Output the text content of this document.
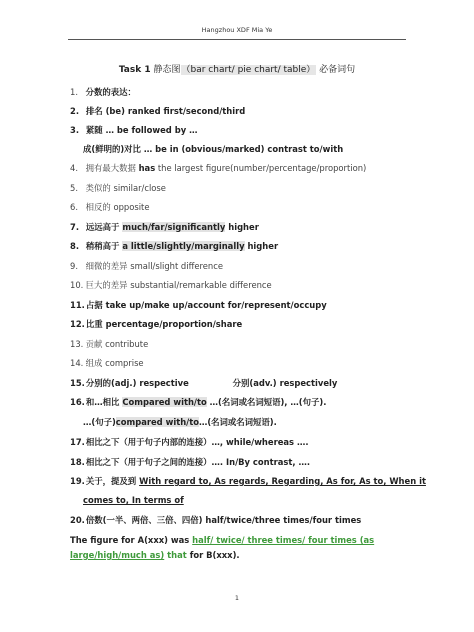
Hangzhou XDF Mia Ye
Task 1 静态图（bar chart/ pie chart/ table） 必备词句
1. 分数的表达：
2. 排名 (be) ranked first/second/third
3. 紧随 … be followed by …
成(鲜明的)对比 … be in (obvious/marked) contrast to/with
4. 拥有最大数据 has the largest figure(number/percentage/proportion)
5. 类似的 similar/close
6. 相反的 opposite
7. 远远高于 much/far/significantly higher
8. 稍稍高于 a little/slightly/marginally higher
9. 细微的差异 small/slight difference
10. 巨大的差异 substantial/remarkable difference
11. 占据 take up/make up/account for/represent/occupy
12. 比重 percentage/proportion/share
13. 贡献 contribute
14. 组成 comprise
15. 分别的(adj.) respective	分别(adv.) respectively
16. 和…相比 Compared with/to …(名词或名词短语), …(句子).
…(句子)compared with/to…(名词或名词短语).
17. 相比之下（用于句子内部的连接）…, while/whereas ….
18. 相比之下（用于句子之间的连接）…. In/By contrast, ….
19. 关于，提及到 With regard to, As regards, Regarding, As for, As to, When it
comes to, In terms of
20. 倍数(一半、两倍、三倍、四倍) half/twice/three times/four times
The figure for A(xxx) was half/ twice/ three times/ four times (as
large/high/much as) that for B(xxx).
1
